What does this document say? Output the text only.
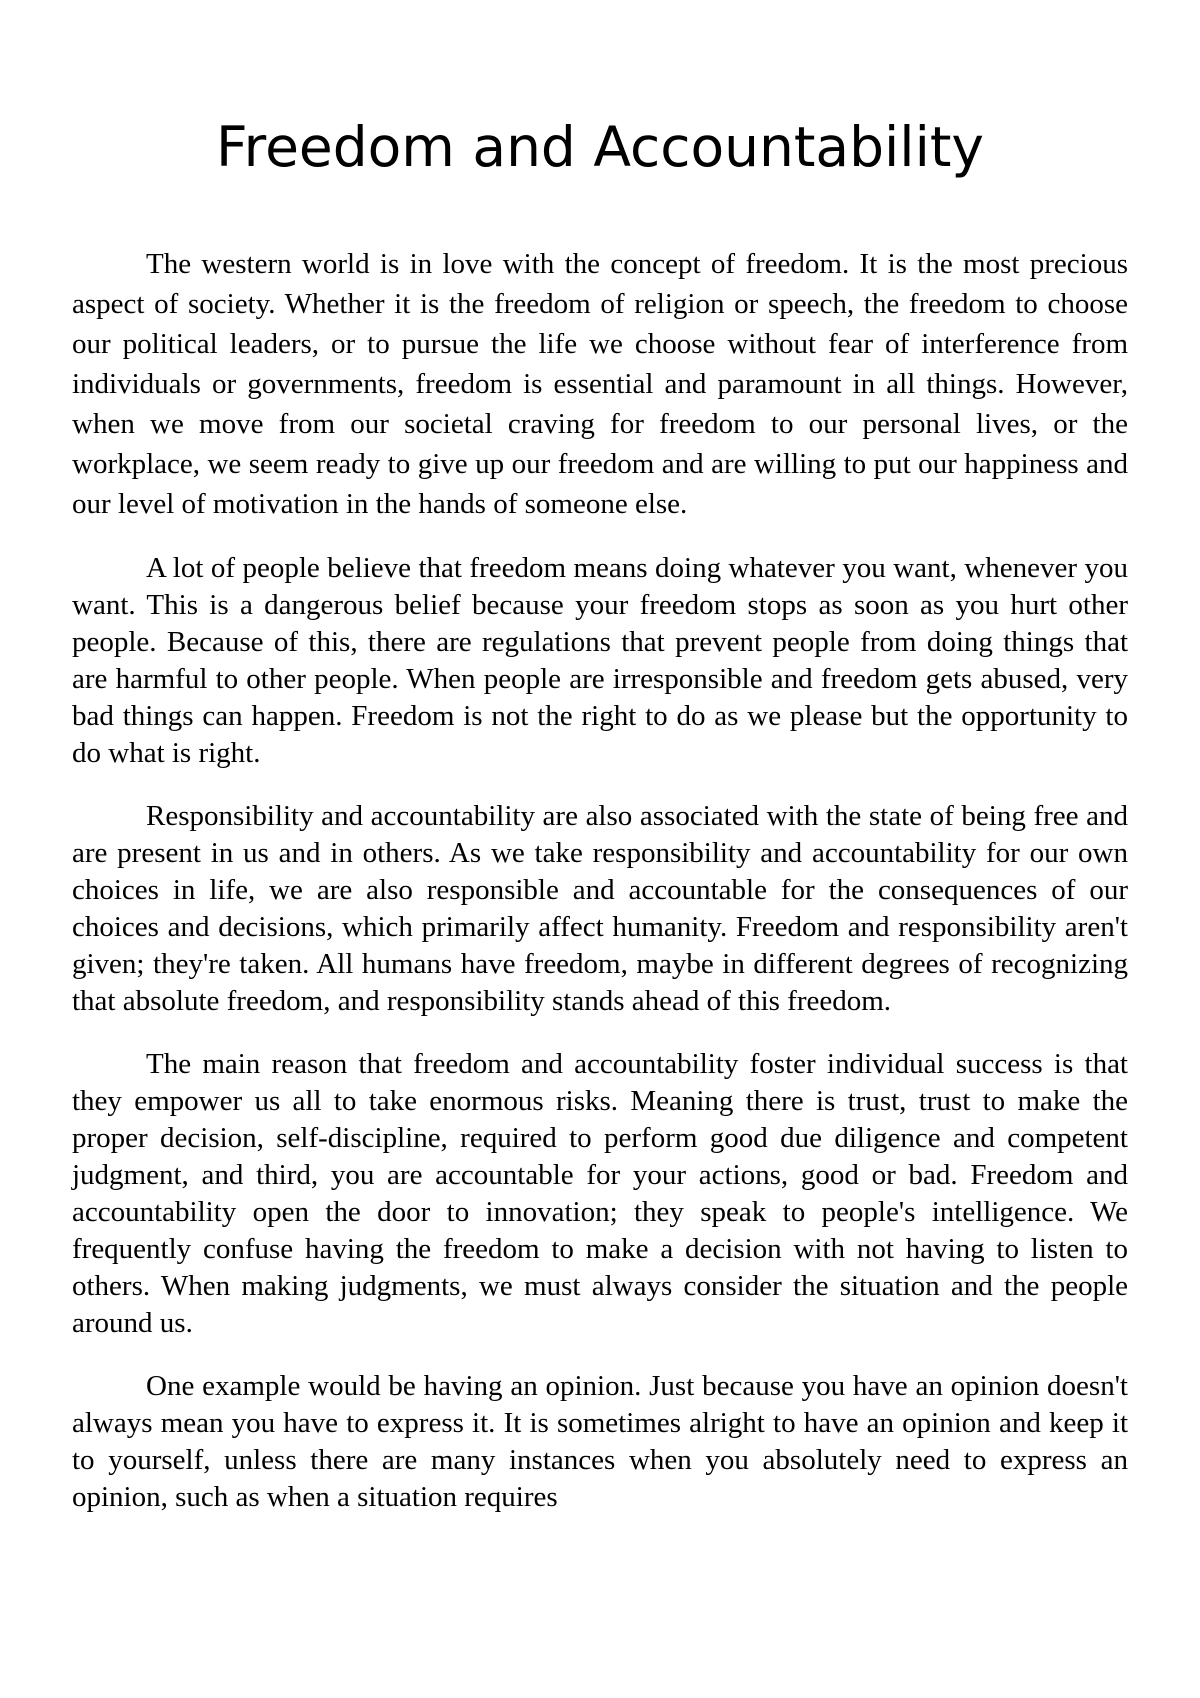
Freedom and Accountability

The western world is in love with the concept of freedom. It is the most precious aspect of society. Whether it is the freedom of religion or speech, the freedom to choose our political leaders, or to pursue the life we choose without fear of interference from individuals or governments, freedom is essential and paramount in all things. However, when we move from our societal craving for freedom to our personal lives, or the workplace, we seem ready to give up our freedom and are willing to put our happiness and our level of motivation in the hands of someone else.

A lot of people believe that freedom means doing whatever you want, whenever you want. This is a dangerous belief because your freedom stops as soon as you hurt other people. Because of this, there are regulations that prevent people from doing things that are harmful to other people. When people are irresponsible and freedom gets abused, very bad things can happen. Freedom is not the right to do as we please but the opportunity to do what is right.

Responsibility and accountability are also associated with the state of being free and are present in us and in others. As we take responsibility and accountability for our own choices in life, we are also responsible and accountable for the consequences of our choices and decisions, which primarily affect humanity. Freedom and responsibility aren't given; they're taken. All humans have freedom, maybe in different degrees of recognizing that absolute freedom, and responsibility stands ahead of this freedom.

The main reason that freedom and accountability foster individual success is that they empower us all to take enormous risks. Meaning there is trust, trust to make the proper decision, self-discipline, required to perform good due diligence and competent judgment, and third, you are accountable for your actions, good or bad. Freedom and accountability open the door to innovation; they speak to people's intelligence. We frequently confuse having the freedom to make a decision with not having to listen to others. When making judgments, we must always consider the situation and the people around us.

One example would be having an opinion. Just because you have an opinion doesn't always mean you have to express it. It is sometimes alright to have an opinion and keep it to yourself, unless there are many instances when you absolutely need to express an opinion, such as when a situation requires
